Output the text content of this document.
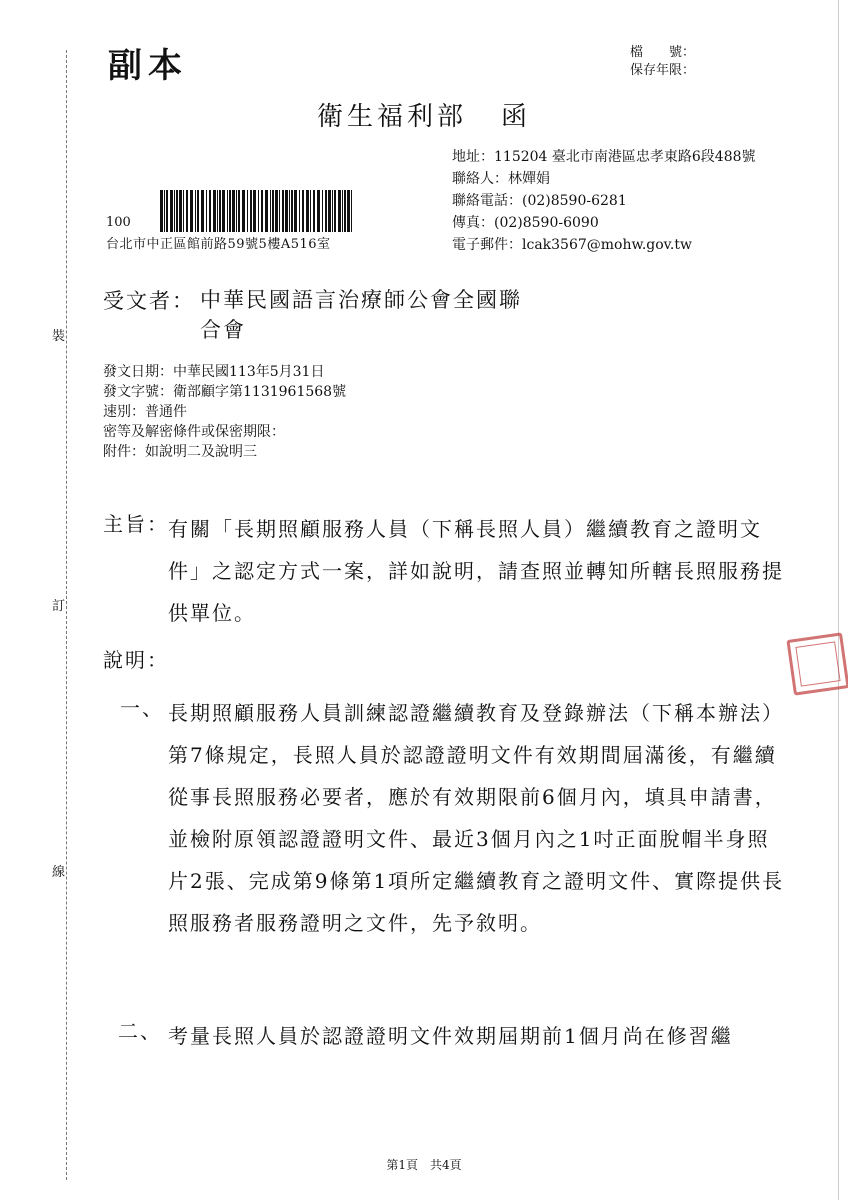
裝
訂
線
副本	檔　　號：
保存年限：
衛生福利部 函
地址：115204 臺北市南港區忠孝東路6段488號
聯絡人：林嬋娟
聯絡電話：(02)8590-6281
傳真：(02)8590-6090
電子郵件：lcak3567@mohw.gov.tw
100
台北市中正區館前路59號5樓A516室
受文者： 中華民國語言治療師公會全國聯合會
發文日期：中華民國113年5月31日
發文字號：衛部顧字第1131961568號
速別：普通件
密等及解密條件或保密期限：
附件：如說明二及說明三
主旨： 有關「長期照顧服務人員（下稱長照人員）繼續教育之證明文件」之認定方式一案，詳如說明，請查照並轉知所轄長照服務提供單位。
說明：
一、 長期照顧服務人員訓練認證繼續教育及登錄辦法（下稱本辦法）第7條規定，長照人員於認證證明文件有效期間屆滿後，有繼續從事長照服務必要者，應於有效期限前6個月內，填具申請書，並檢附原領認證證明文件、最近3個月內之1吋正面脫帽半身照片2張、完成第9條第1項所定繼續教育之證明文件、實際提供長照服務者服務證明之文件，先予敘明。
二、 考量長照人員於認證證明文件效期屆期前1個月尚在修習繼
第1頁　共4頁
